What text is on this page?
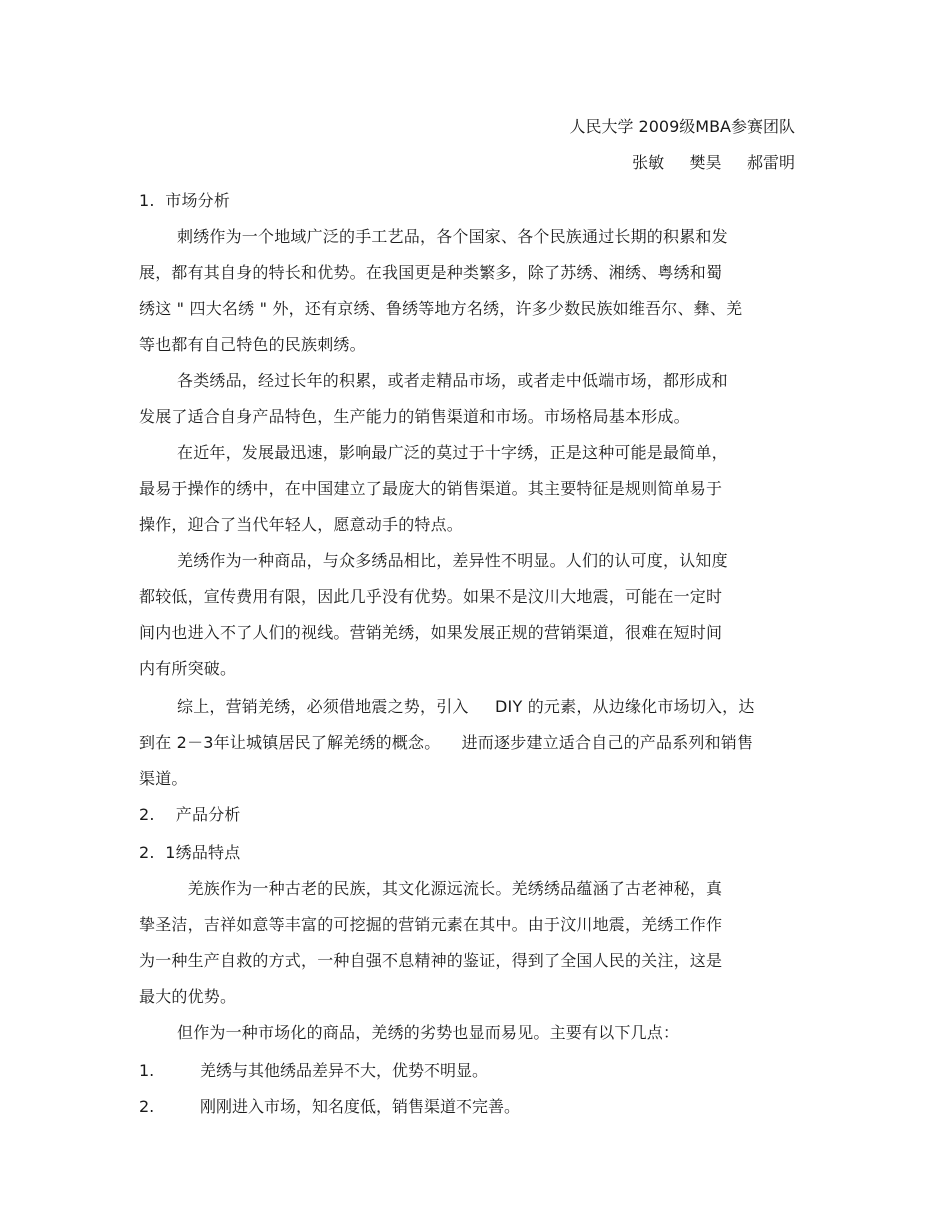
人民大学 2009级MBA参赛团队
张敏     樊昊     郝雷明
1.  市场分析
刺绣作为一个地域广泛的手工艺品，各个国家、各个民族通过长期的积累和发
展，都有其自身的特长和优势。在我国更是种类繁多，除了苏绣、湘绣、粤绣和蜀
绣这 " 四大名绣 " 外，还有京绣、鲁绣等地方名绣，许多少数民族如维吾尔、彝、羌
等也都有自己特色的民族刺绣。
各类绣品，经过长年的积累，或者走精品市场，或者走中低端市场，都形成和
发展了适合自身产品特色，生产能力的销售渠道和市场。市场格局基本形成。
在近年，发展最迅速，影响最广泛的莫过于十字绣，正是这种可能是最简单，
最易于操作的绣中，在中国建立了最庞大的销售渠道。其主要特征是规则简单易于
操作，迎合了当代年轻人，愿意动手的特点。
羌绣作为一种商品，与众多绣品相比，差异性不明显。人们的认可度，认知度
都较低，宣传费用有限，因此几乎没有优势。如果不是汶川大地震，可能在一定时
间内也进入不了人们的视线。营销羌绣，如果发展正规的营销渠道，很难在短时间
内有所突破。
综上，营销羌绣，必须借地震之势，引入     DIY 的元素，从边缘化市场切入，达
到在 2－3年让城镇居民了解羌绣的概念。    进而逐步建立适合自己的产品系列和销售
渠道。
2.    产品分析
2.  1绣品特点
羌族作为一种古老的民族，其文化源远流长。羌绣绣品蕴涵了古老神秘，真
挚圣洁，吉祥如意等丰富的可挖掘的营销元素在其中。由于汶川地震，羌绣工作作
为一种生产自救的方式，一种自强不息精神的鉴证，得到了全国人民的关注，这是
最大的优势。
但作为一种市场化的商品，羌绣的劣势也显而易见。主要有以下几点：
1.	羌绣与其他绣品差异不大，优势不明显。
2.	刚刚进入市场，知名度低，销售渠道不完善。
